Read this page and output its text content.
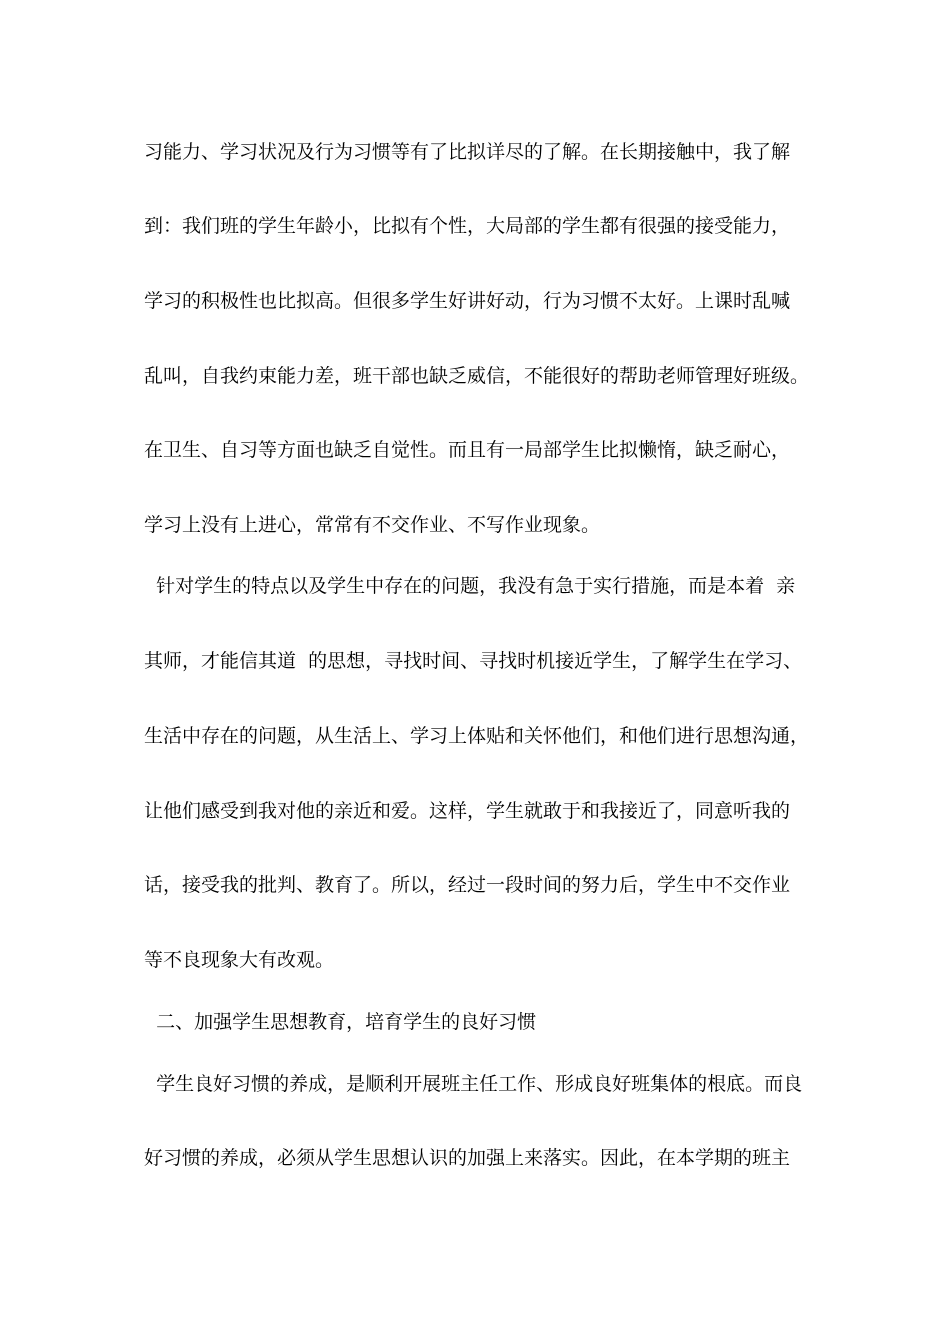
习能力、学习状况及行为习惯等有了比拟详尽的了解。在长期接触中，我了解
到：我们班的学生年龄小，比拟有个性，大局部的学生都有很强的接受能力，
学习的积极性也比拟高。但很多学生好讲好动，行为习惯不太好。上课时乱喊
乱叫，自我约束能力差，班干部也缺乏威信，不能很好的帮助老师管理好班级。
在卫生、自习等方面也缺乏自觉性。而且有一局部学生比拟懒惰，缺乏耐心，
学习上没有上进心，常常有不交作业、不写作业现象。
针对学生的特点以及学生中存在的问题，我没有急于实行措施，而是本着  亲
其师，才能信其道  的思想，寻找时间、寻找时机接近学生，了解学生在学习、
生活中存在的问题，从生活上、学习上体贴和关怀他们，和他们进行思想沟通，
让他们感受到我对他的亲近和爱。这样，学生就敢于和我接近了，同意听我的
话，接受我的批判、教育了。所以，经过一段时间的努力后，学生中不交作业
等不良现象大有改观。
二、加强学生思想教育，培育学生的良好习惯
学生良好习惯的养成，是顺利开展班主任工作、形成良好班集体的根底。而良
好习惯的养成，必须从学生思想认识的加强上来落实。因此，在本学期的班主
